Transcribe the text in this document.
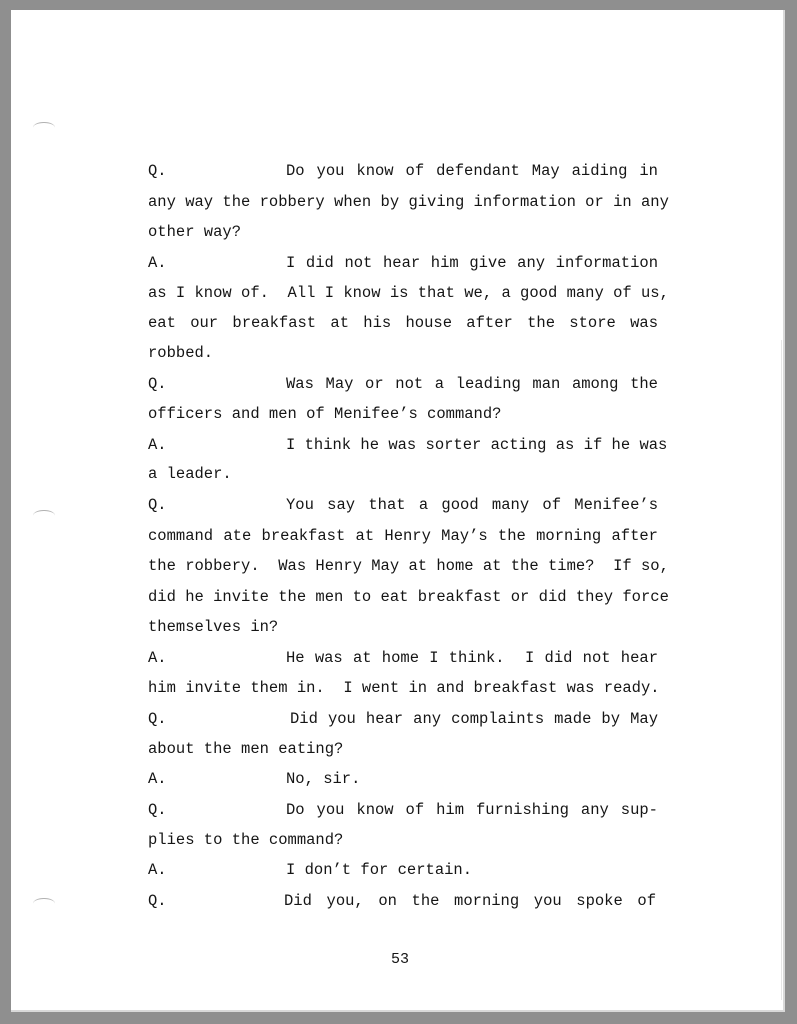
Q.	Do you know of defendant May aiding in
any way the robbery when by giving information or in any
other way?
A.	I did not hear him give any information
as I know of.  All I know is that we, a good many of us,
eat our breakfast at his house after the store was
robbed.
Q.	Was May or not a leading man among the
officers and men of Menifee’s command?
A.	I think he was sorter acting as if he was
a leader.
Q.	You say that a good many of Menifee’s
command ate breakfast at Henry May’s the morning after
the robbery.  Was Henry May at home at the time?  If so,
did he invite the men to eat breakfast or did they force
themselves in?
A.	He was at home I think.  I did not hear
him invite them in.  I went in and breakfast was ready.
Q.	Did you hear any complaints made by May
about the men eating?
A.	No, sir.
Q.	Do you know of him furnishing any sup-
plies to the command?
A.	I don’t for certain.
Q.	Did you, on the morning you spoke of
53
